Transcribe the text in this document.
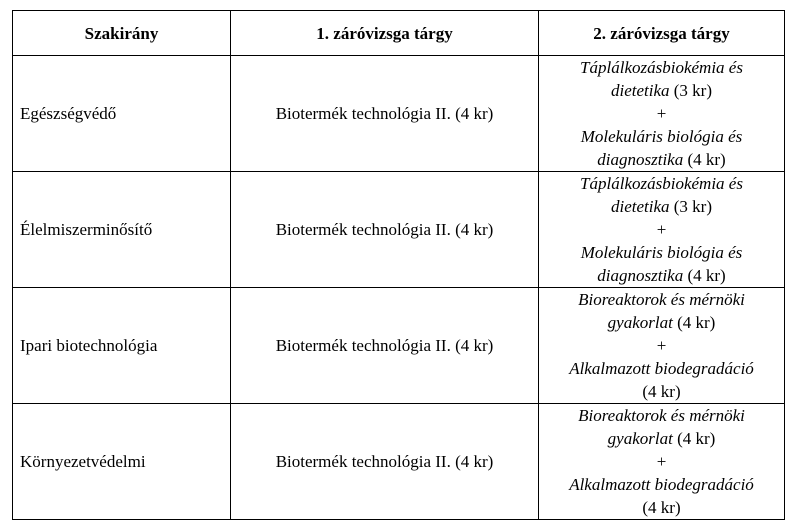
Szakirány	1. záróvizsga tárgy	2. záróvizsga tárgy
Egészségvédő	Biotermék technológia II. (4 kr)	Táplálkozásbiokémia és
dietetika (3 kr)
+
Molekuláris biológia és
diagnosztika (4 kr)

Élelmiszerminősítő	Biotermék technológia II. (4 kr)	Táplálkozásbiokémia és
dietetika (3 kr)
+
Molekuláris biológia és
diagnosztika (4 kr)

Ipari biotechnológia	Biotermék technológia II. (4 kr)	Bioreaktorok és mérnöki
gyakorlat (4 kr)
+
Alkalmazott biodegradáció
(4 kr)

Környezetvédelmi	Biotermék technológia II. (4 kr)	Bioreaktorok és mérnöki
gyakorlat (4 kr)
+
Alkalmazott biodegradáció
(4 kr)
